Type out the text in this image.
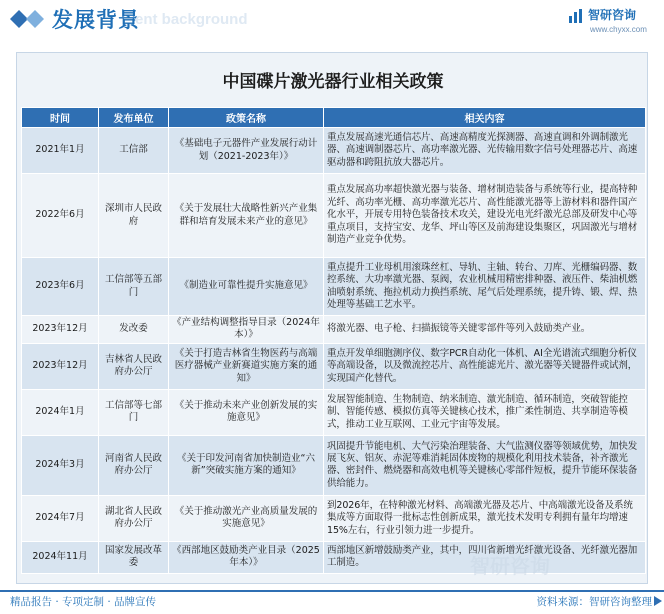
发展背景
ent background	智研咨询
www.chyxx.com
中国碟片激光器行业相关政策
时间	发布单位	政策名称	相关内容
2021年1月	工信部	《基础电子元器件产业发展行动计划（2021-2023年）》	重点发展高速光通信芯片、高速高精度光探测器、高速直调和外调制激光器、高速调制器芯片、高功率激光器、光传输用数字信号处理器芯片、高速驱动器和跨阻抗放大器芯片。
2022年6月	深圳市人民政府	《关于发展壮大战略性新兴产业集群和培育发展未来产业的意见》	重点发展高功率超快激光器与装备、增材制造装备与系统等行业，提高特种光纤、高功率光栅、高功率激光芯片、高性能激光器等上游材料和器件国产化水平，开展专用特色装备技术攻关，建设光电光纤激光总部及研发中心等重点项目，支持宝安、龙华、坪山等区及前海建设集聚区，巩固激光与增材制造产业竞争优势。
2023年6月	工信部等五部门	《制造业可靠性提升实施意见》	重点提升工业母机用滚珠丝杠、导轨、主轴、转台、刀库、光栅编码器、数控系统、大功率激光器、泵阀，农业机械用精密排种器、液压件、柴油机燃油喷射系统、拖拉机动力换挡系统、尾气后处理系统，提升铸、锻、焊、热处理等基础工艺水平。
2023年12月	发改委	《产业结构调整指导目录（2024年本）》	将激光器、电子枪、扫描振镜等关键零部件等列入鼓励类产业。
2023年12月	吉林省人民政府办公厅	《关于打造吉林省生物医药与高端医疗器械产业新赛道实施方案的通知》	重点开发单细胞测序仪、数字PCR自动化一体机、AI全光谱流式细胞分析仪等高端设备，以及微流控芯片、高性能滤光片、激光器等关键器件或试剂，实现国产化替代。
2024年1月	工信部等七部门	《关于推动未来产业创新发展的实施意见》	发展智能制造、生物制造、纳米制造、激光制造、循环制造，突破智能控制、智能传感、模拟仿真等关键核心技术，推广柔性制造、共享制造等模式，推动工业互联网、工业元宇宙等发展。
2024年3月	河南省人民政府办公厅	《关于印发河南省加快制造业“六新”突破实施方案的通知》	巩固提升节能电机、大气污染治理装备、大气监测仪器等领域优势，加快发展飞灰、铝灰、赤泥等难消耗固体废物的规模化利用技术装备，补齐激光器、密封件、燃烧器和高效电机等关键核心零部件短板，提升节能环保装备供给能力。
2024年7月	湖北省人民政府办公厅	《关于推动激光产业高质量发展的实施意见》	到2026年，在特种激光材料、高端激光器及芯片、中高端激光设备及系统集成等方面取得一批标志性创新成果，激光技术发明专利拥有量年均增速15%左右，行业引领力进一步提升。
2024年11月	国家发展改革委	《西部地区鼓励类产业目录（2025年本）》	西部地区新增鼓励类产业，其中，四川省新增光纤激光设备、光纤激光器加工制造。	智研咨询
精品报告 · 专项定制 · 品牌宣传	资料来源：智研咨询整理
